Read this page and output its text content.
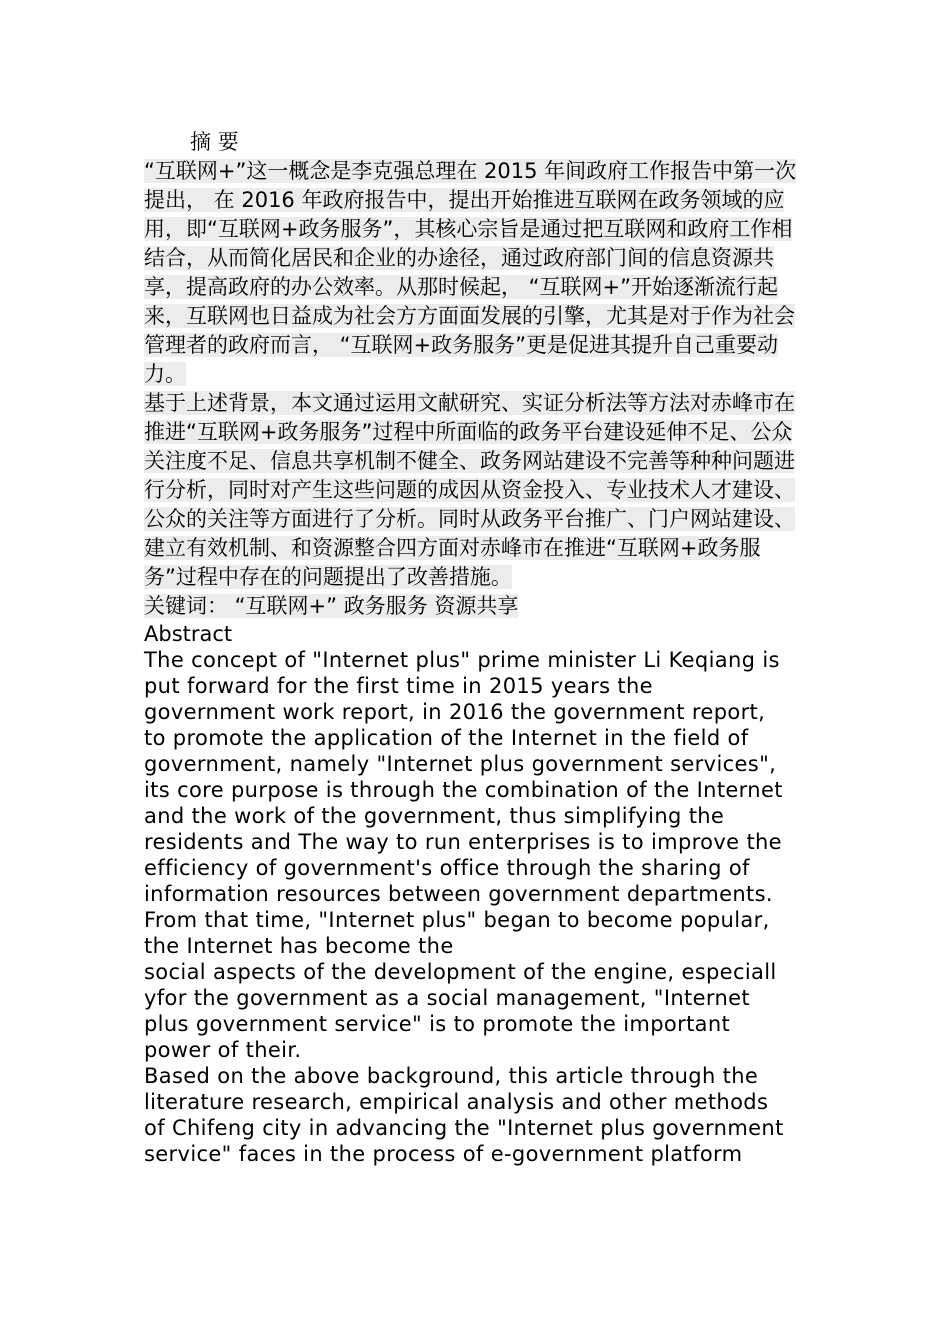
摘 要

“互联网+”这一概念是李克强总理在 2015 年间政府工作报告中第一次提出， 在 2016 年政府报告中，提出开始推进互联网在政务领域的应用，即“互联网+政务服务”，其核心宗旨是通过把互联网和政府工作相结合，从而简化居民和企业的办途径，通过政府部门间的信息资源共享，提高政府的办公效率。从那时候起， “互联网+”开始逐渐流行起来，互联网也日益成为社会方方面面发展的引擎，尤其是对于作为社会管理者的政府而言， “互联网+政务服务”更是促进其提升自己重要动力。

基于上述背景，本文通过运用文献研究、实证分析法等方法对赤峰市在推进“互联网+政务服务”过程中所面临的政务平台建设延伸不足、公众关注度不足、信息共享机制不健全、政务网站建设不完善等种种问题进行分析，同时对产生这些问题的成因从资金投入、专业技术人才建设、公众的关注等方面进行了分析。同时从政务平台推广、门户网站建设、建立有效机制、和资源整合四方面对赤峰市在推进“互联网+政务服务”过程中存在的问题提出了改善措施。

关键词： “互联网+” 政务服务 资源共享

Abstract

The concept of "Internet plus" prime minister Li Keqiang is
put forward for the first time in 2015 years the
government work report, in 2016 the government report,
to promote the application of the Internet in the field of
government, namely "Internet plus government services",
its core purpose is through the combination of the Internet
and the work of the government, thus simplifying the
residents and The way to run enterprises is to improve the
efficiency of government's office through the sharing of
information resources between government departments.
From that time, "Internet plus" began to become popular,
the Internet has become the
social aspects of the development of the engine, especiall
yfor the government as a social management, "Internet
plus government service" is to promote the important
power of their.

Based on the above background, this article through the
literature research, empirical analysis and other methods
of Chifeng city in advancing the "Internet plus government
service" faces in the process of e-government platform
